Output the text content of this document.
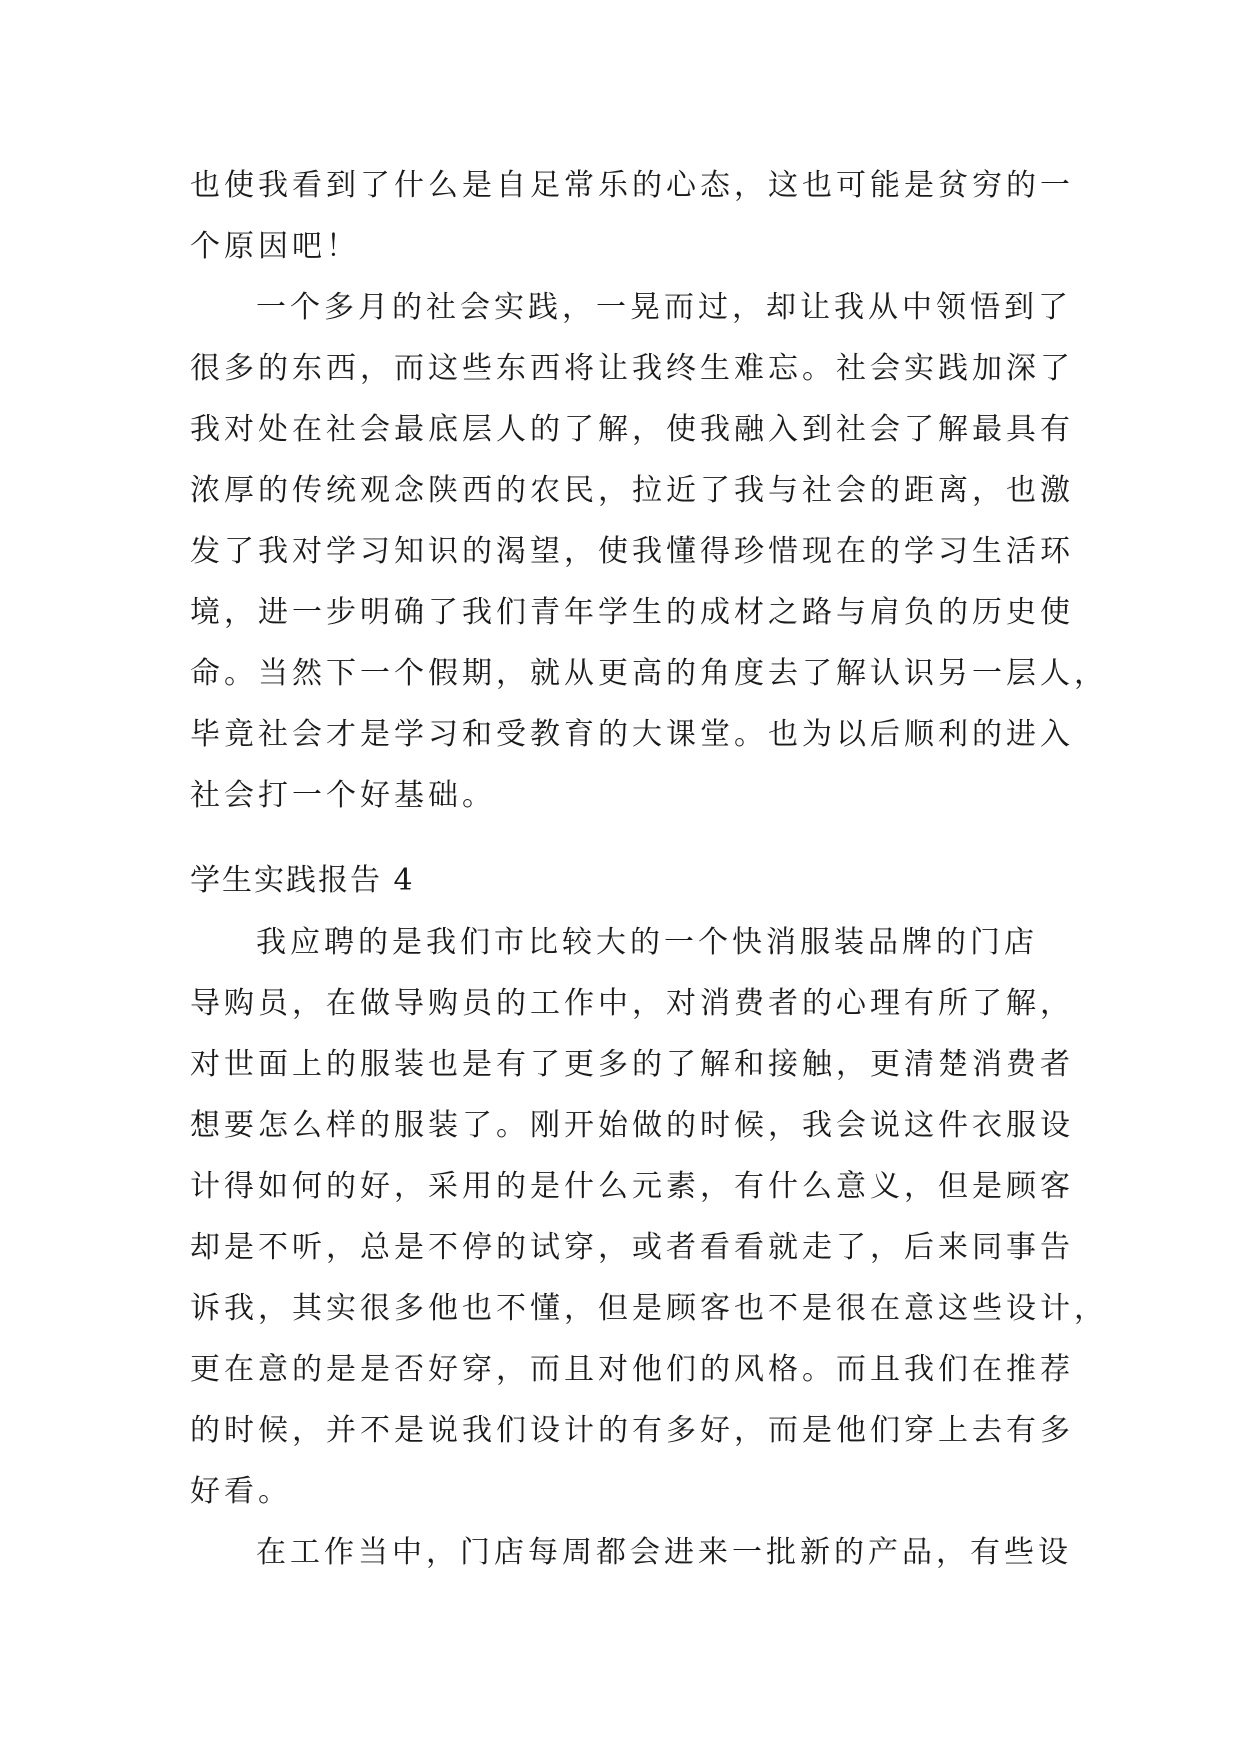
也使我看到了什么是自足常乐的心态，这也可能是贫穷的一
个原因吧！
一个多月的社会实践，一晃而过，却让我从中领悟到了
很多的东西，而这些东西将让我终生难忘。社会实践加深了
我对处在社会最底层人的了解，使我融入到社会了解最具有
浓厚的传统观念陕西的农民，拉近了我与社会的距离，也激
发了我对学习知识的渴望，使我懂得珍惜现在的学习生活环
境，进一步明确了我们青年学生的成材之路与肩负的历史使
命。当然下一个假期，就从更高的角度去了解认识另一层人，
毕竟社会才是学习和受教育的大课堂。也为以后顺利的进入
社会打一个好基础。
学生实践报告 4
我应聘的是我们市比较大的一个快消服装品牌的门店
导购员，在做导购员的工作中，对消费者的心理有所了解，
对世面上的服装也是有了更多的了解和接触，更清楚消费者
想要怎么样的服装了。刚开始做的时候，我会说这件衣服设
计得如何的好，采用的是什么元素，有什么意义，但是顾客
却是不听，总是不停的试穿，或者看看就走了，后来同事告
诉我，其实很多他也不懂，但是顾客也不是很在意这些设计，
更在意的是是否好穿，而且对他们的风格。而且我们在推荐
的时候，并不是说我们设计的有多好，而是他们穿上去有多
好看。
在工作当中，门店每周都会进来一批新的产品，有些设
